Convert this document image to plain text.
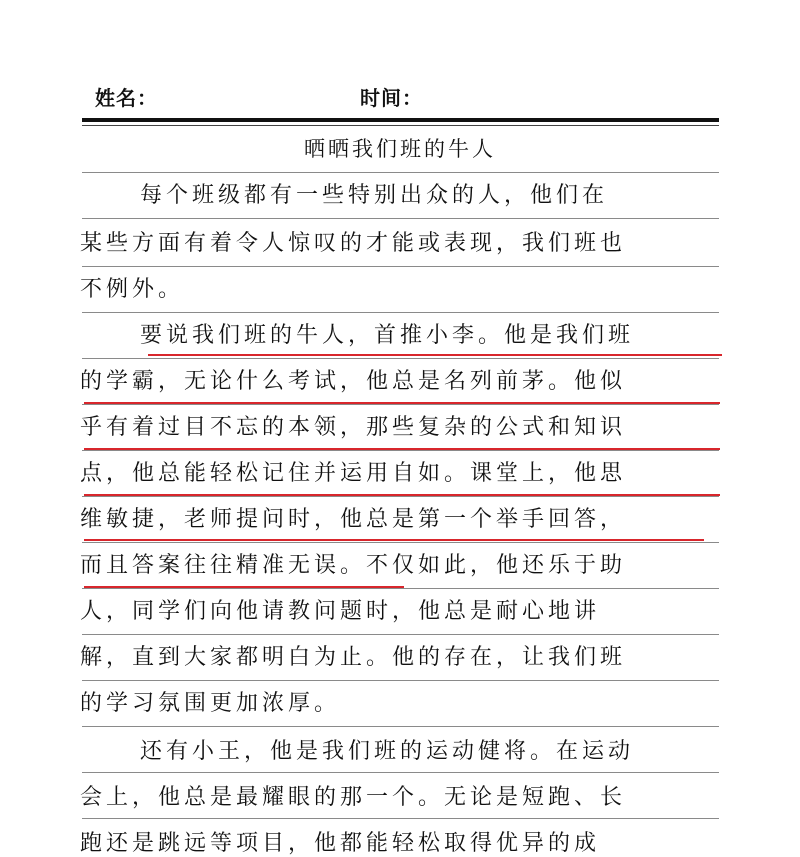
姓名：	时间：
晒晒我们班的牛人
每个班级都有一些特别出众的人，他们在
某些方面有着令人惊叹的才能或表现，我们班也
不例外。
要说我们班的牛人，首推小李。他是我们班
的学霸，无论什么考试，他总是名列前茅。他似
乎有着过目不忘的本领，那些复杂的公式和知识
点，他总能轻松记住并运用自如。课堂上，他思
维敏捷，老师提问时，他总是第一个举手回答，
而且答案往往精准无误。不仅如此，他还乐于助
人，同学们向他请教问题时，他总是耐心地讲
解，直到大家都明白为止。他的存在，让我们班
的学习氛围更加浓厚。
还有小王，他是我们班的运动健将。在运动
会上，他总是最耀眼的那一个。无论是短跑、长
跑还是跳远等项目，他都能轻松取得优异的成
